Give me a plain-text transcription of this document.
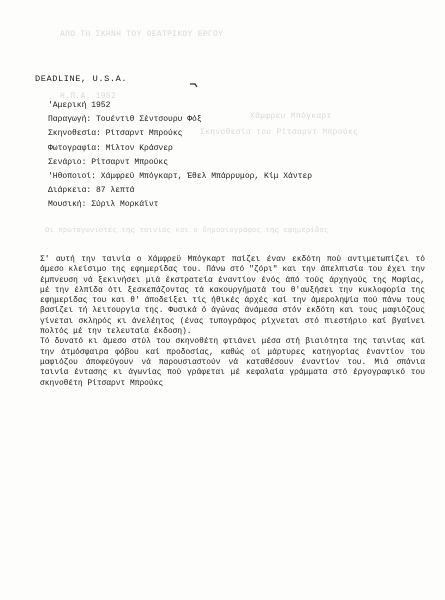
ΑΠΟ ΤΗ ΣΚΗΝΗ ΤΟΥ ΘΕΑΤΡΙΚΟΥ ΕΡΓΟΥ
Η.Π.Α. 1952
Χάμφρευ Μπόγκαρτ
Σκηνοθεσία του Ρίτσαρντ Μπρούκς
Οι πρωταγωνιστές της ταινίας και ο δημοσιογράφος της εφημερίδας
DEADLINE, U.S.A.
'Αμερική 1952
Παραγωγή: Τουέντιθ Σέντσουρυ Φόξ
Σκηνοθεσία: Ρίτσαρντ Μπρούκς
Φωτογραφία: Μίλτον Κράσνερ
Σενάριο: Ρίτσαρντ Μπρούκς
'Ηθοποιοί: Χάμφρεϋ Μπόγκαρτ, Έθελ Μπάρρυμορ, Κίμ Χάντερ
Διάρκεια: 87 λεπτά
Μουσική: Σύριλ Μορκάϊντ

Σ' αυτή την ταινία ο Χάμφρεϋ Μπόγκαρτ παίζει έναν εκδότη πού αντιμετωπίζει τό άμεσο κλείσιμο της εφημερίδας του. Πάνω στό "ζόρι" και την άπελπισία του έχει την έμπνευση νά ξεκινήσει μιά έκστρατεία έναντίον ένός άπό τούς άρχηγούς της Μαφίας, μέ την έλπίδα ότι ξεσκεπάζοντας τά κακουργήματά του θ'αυξήσει την κυκλοφορία της εφημερίδας του και θ' άποδείξει τίς ήθικές άρχές καί την άμεροληψία πού πάνω τους βασίζει τή λειτουργία της. Φυσικά ό άγώνας άνάμεσα στόν εκδότη και τους μαφιόζους γίνεται σκληρός κι άνελέητος (ένας τυπογράφος ρίχνεται στό πιεστήριο καί βγαίνει πολτός μέ την τελευταία έκδοση).

Τό δυνατό κι άμεσο στύλ του σκηνοθέτη φτιάνει μέσα στή βιαιότητα της ταινίας καί την άτμόσφαιρα φόβου καί προδοσίας, καθώς οί μάρτυρες κατηγορίας έναντίον του μαφιόζου άποφεύγουν νά παρουσιαστούν νά καταθέσουν έναντίον του. Μιά σπάνια ταινία έντασης κι άγωνίας πού γράφεται μέ κεφαλαία γράμματα στό έργογραφικό του σκηνοθέτη Ρίτσαρντ Μπρούκς
